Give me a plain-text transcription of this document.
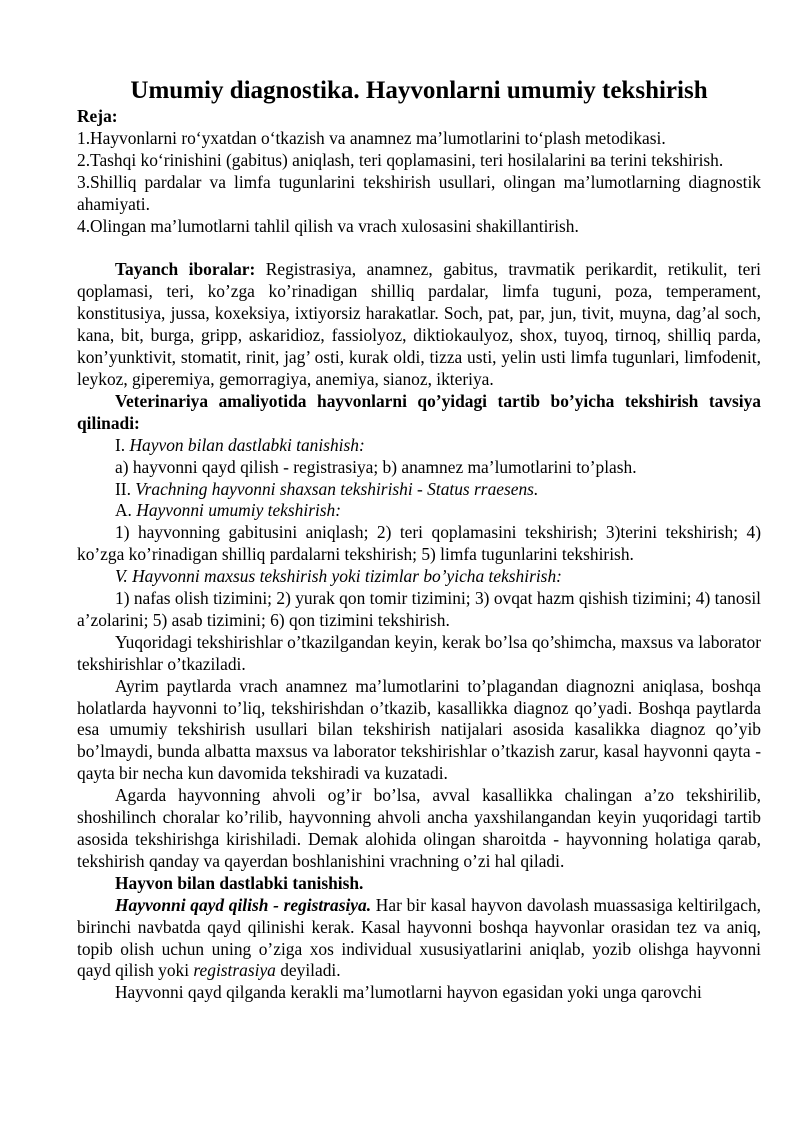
Umumiy diagnostika. Hayvonlarni umumiy tekshirish

Reja:

1.Hayvonlarni ro‘yxatdan o‘tkazish va anamnez ma’lumotlarini to‘plash metodikasi.

2.Tashqi ko‘rinishini (gabitus) aniqlash, teri qoplamasini, teri hosilalarini ва terini tekshirish.

3.Shilliq pardalar va limfa tugunlarini tekshirish usullari, olingan ma’lumotlarning diagnostik ahamiyati.

4.Olingan ma’lumotlarni tahlil qilish va vrach xulosasini shakillantirish.

Tayanch iboralar: Registrasiya, anamnez, gabitus, travmatik perikardit, retikulit, teri qoplamasi, teri, ko’zga ko’rinadigan shilliq pardalar, limfa tuguni, poza, temperament, konstitusiya, jussa, koxeksiya, ixtiyorsiz harakatlar. Soch, pat, par, jun, tivit, muyna, dag’al soch, kana, bit, burga, gripp, askaridioz, fassiolyoz, diktiokaulyoz, shox, tuyoq, tirnoq, shilliq parda, kon’yunktivit, stomatit, rinit, jag’ osti, kurak oldi, tizza usti, yelin usti limfa tugunlari, limfodenit, leykoz, giperemiya, gemorragiya, anemiya, sianoz, ikteriya.

Veterinariya amaliyotida hayvonlarni qo’yidagi tartib bo’yicha tekshirish tavsiya qilinadi:

I. Hayvon bilan dastlabki tanishish:

a) hayvonni qayd qilish - registrasiya; b) anamnez ma’lumotlarini to’plash.

II. Vrachning hayvonni shaxsan tekshirishi - Status rraesens.

A. Hayvonni umumiy tekshirish:

1) hayvonning gabitusini aniqlash; 2) teri qoplamasini tekshirish; 3)terini tekshirish; 4) ko’zga ko’rinadigan shilliq pardalarni tekshirish; 5) limfa tugunlarini tekshirish.

V. Hayvonni maxsus tekshirish yoki tizimlar bo’yicha tekshirish:

1) nafas olish tizimini; 2) yurak qon tomir tizimini; 3) ovqat hazm qishish tizimini; 4) tanosil a’zolarini; 5) asab tizimini; 6) qon tizimini tekshirish.

Yuqoridagi tekshirishlar o’tkazilgandan keyin, kerak bo’lsa qo’shimcha, maxsus va laborator tekshirishlar o’tkaziladi.

Ayrim paytlarda vrach anamnez ma’lumotlarini to’plagandan diagnozni aniqlasa, boshqa holatlarda hayvonni to’liq, tekshirishdan o’tkazib, kasallikka diagnoz qo’yadi. Boshqa paytlarda esa umumiy tekshirish usullari bilan tekshirish natijalari asosida kasalikka diagnoz qo’yib bo’lmaydi, bunda albatta maxsus va laborator tekshirishlar o’tkazish zarur, kasal hayvonni qayta - qayta bir necha kun davomida tekshiradi va kuzatadi.

Agarda hayvonning ahvoli og’ir bo’lsa, avval kasallikka chalingan a’zo tekshirilib, shoshilinch choralar ko’rilib, hayvonning ahvoli ancha yaxshilangandan keyin yuqoridagi tartib asosida tekshirishga kirishiladi. Demak alohida olingan sharoitda - hayvonning holatiga qarab, tekshirish qanday va qayerdan boshlanishini vrachning o’zi hal qiladi.

Hayvon bilan dastlabki tanishish.

Hayvonni qayd qilish - registrasiya. Har bir kasal hayvon davolash muassasiga keltirilgach, birinchi navbatda qayd qilinishi kerak. Kasal hayvonni boshqa hayvonlar orasidan tez va aniq, topib olish uchun uning o’ziga xos individual xususiyatlarini aniqlab, yozib olishga hayvonni qayd qilish yoki registrasiya deyiladi.

Hayvonni qayd qilganda kerakli ma’lumotlarni hayvon egasidan yoki unga qarovchi
